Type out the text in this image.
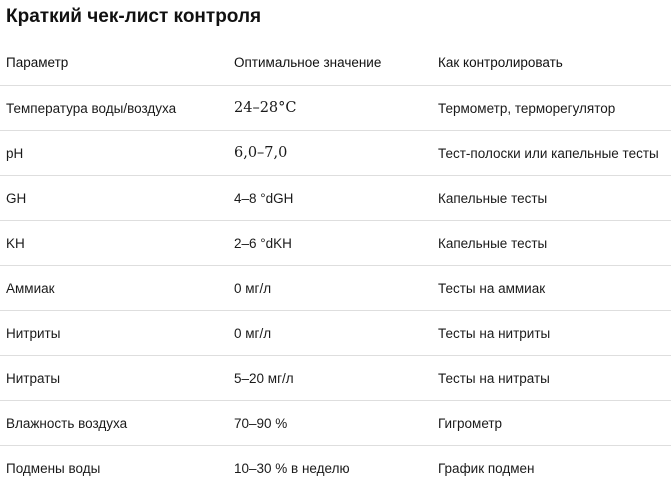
Краткий чек-лист контроля
Параметр	Оптимальное значение	Как контролировать
Температура воды/воздуха	24–28°C	Термометр, терморегулятор
pH	6,0–7,0	Тест-полоски или капельные тесты
GH	4–8 °dGH	Капельные тесты
KH	2–6 °dKH	Капельные тесты
Аммиак	0 мг/л	Тесты на аммиак
Нитриты	0 мг/л	Тесты на нитриты
Нитраты	5–20 мг/л	Тесты на нитраты
Влажность воздуха	70–90 %	Гигрометр
Подмены воды	10–30 % в неделю	График подмен
